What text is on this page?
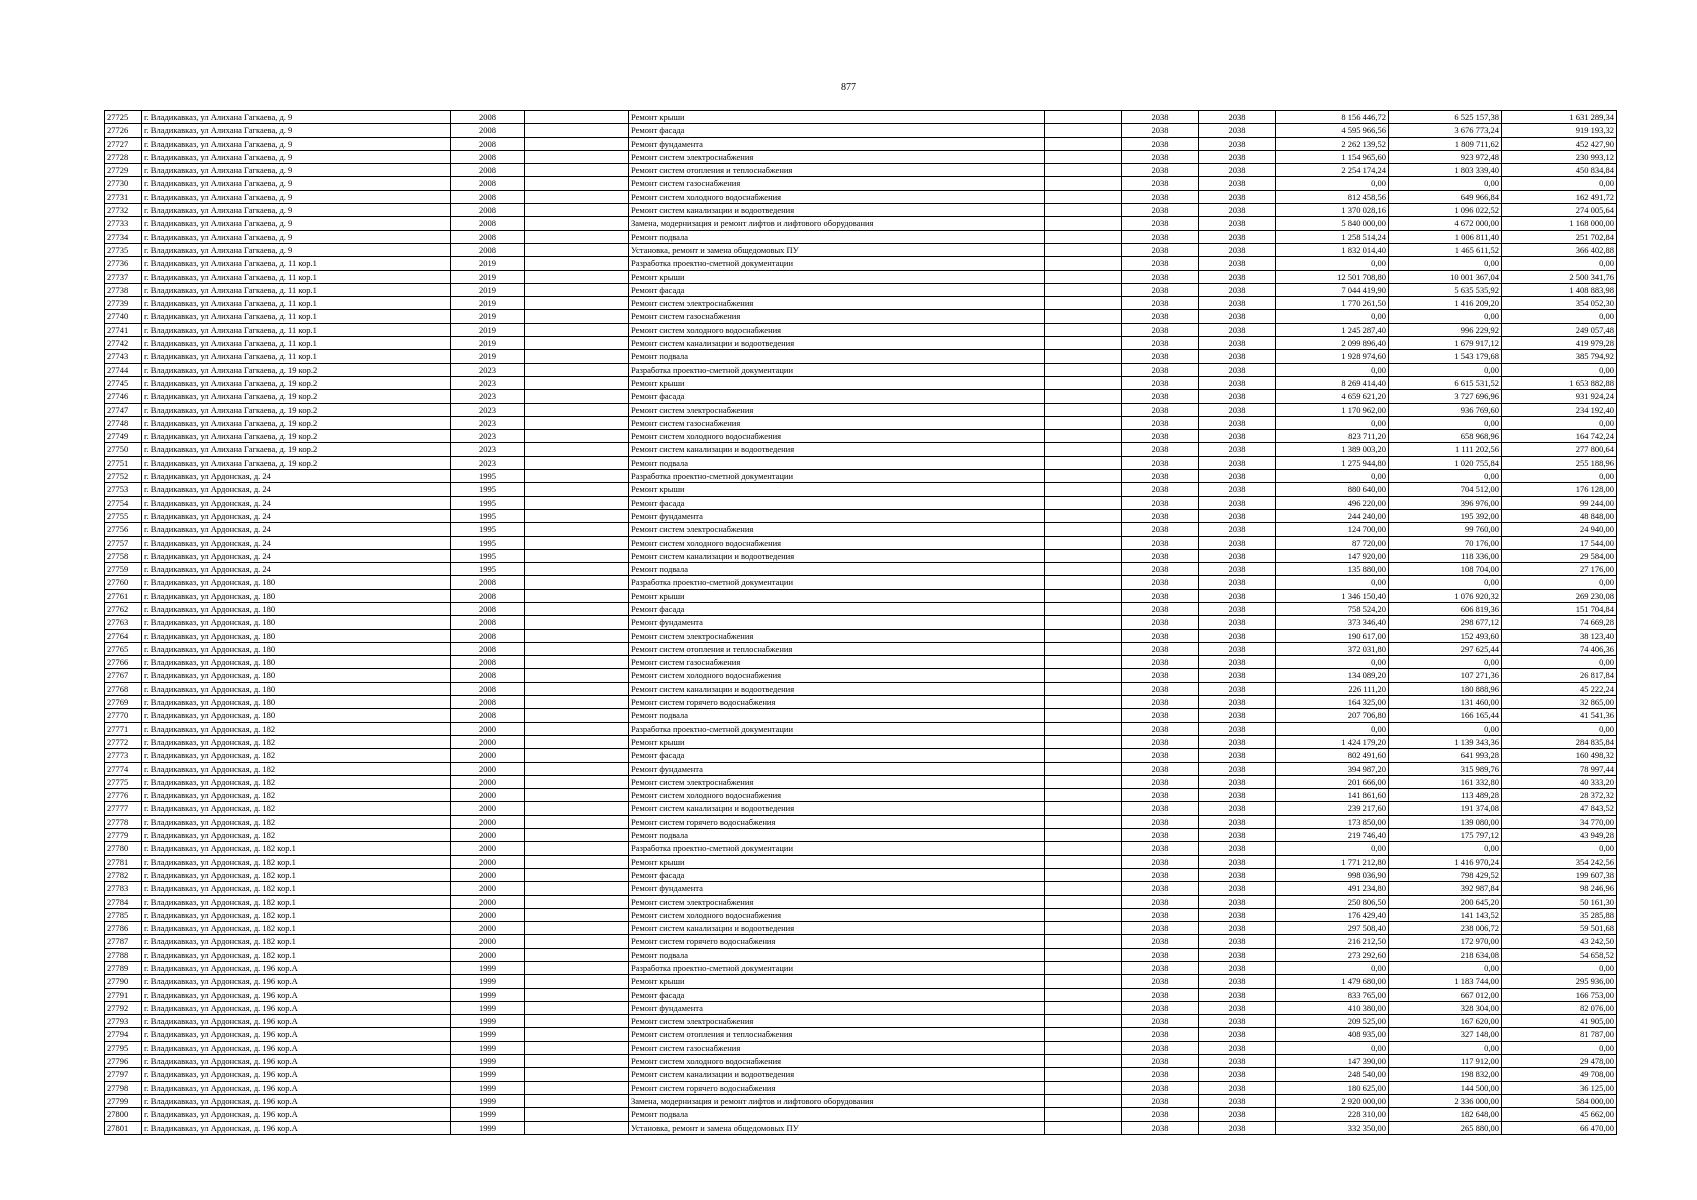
877
27725	г. Владикавказ, ул Алихана Гагкаева, д. 9	2008		Ремонт крыши		2038	2038	8 156 446,72	6 525 157,38	1 631 289,34
27726	г. Владикавказ, ул Алихана Гагкаева, д. 9	2008		Ремонт фасада		2038	2038	4 595 966,56	3 676 773,24	919 193,32
27727	г. Владикавказ, ул Алихана Гагкаева, д. 9	2008		Ремонт фундамента		2038	2038	2 262 139,52	1 809 711,62	452 427,90
27728	г. Владикавказ, ул Алихана Гагкаева, д. 9	2008		Ремонт систем электроснабжения		2038	2038	1 154 965,60	923 972,48	230 993,12
27729	г. Владикавказ, ул Алихана Гагкаева, д. 9	2008		Ремонт систем отопления и теплоснабжения		2038	2038	2 254 174,24	1 803 339,40	450 834,84
27730	г. Владикавказ, ул Алихана Гагкаева, д. 9	2008		Ремонт систем газоснабжения		2038	2038	0,00	0,00	0,00
27731	г. Владикавказ, ул Алихана Гагкаева, д. 9	2008		Ремонт систем холодного водоснабжения		2038	2038	812 458,56	649 966,84	162 491,72
27732	г. Владикавказ, ул Алихана Гагкаева, д. 9	2008		Ремонт систем канализации и водоотведения		2038	2038	1 370 028,16	1 096 022,52	274 005,64
27733	г. Владикавказ, ул Алихана Гагкаева, д. 9	2008		Замена, модернизация и ремонт лифтов и лифтового оборудования		2038	2038	5 840 000,00	4 672 000,00	1 168 000,00
27734	г. Владикавказ, ул Алихана Гагкаева, д. 9	2008		Ремонт подвала		2038	2038	1 258 514,24	1 006 811,40	251 702,84
27735	г. Владикавказ, ул Алихана Гагкаева, д. 9	2008		Установка, ремонт и замена общедомовых ПУ		2038	2038	1 832 014,40	1 465 611,52	366 402,88
27736	г. Владикавказ, ул Алихана Гагкаева, д. 11 кор.1	2019		Разработка проектно-сметной документации		2038	2038	0,00	0,00	0,00
27737	г. Владикавказ, ул Алихана Гагкаева, д. 11 кор.1	2019		Ремонт крыши		2038	2038	12 501 708,80	10 001 367,04	2 500 341,76
27738	г. Владикавказ, ул Алихана Гагкаева, д. 11 кор.1	2019		Ремонт фасада		2038	2038	7 044 419,90	5 635 535,92	1 408 883,98
27739	г. Владикавказ, ул Алихана Гагкаева, д. 11 кор.1	2019		Ремонт систем электроснабжения		2038	2038	1 770 261,50	1 416 209,20	354 052,30
27740	г. Владикавказ, ул Алихана Гагкаева, д. 11 кор.1	2019		Ремонт систем газоснабжения		2038	2038	0,00	0,00	0,00
27741	г. Владикавказ, ул Алихана Гагкаева, д. 11 кор.1	2019		Ремонт систем холодного водоснабжения		2038	2038	1 245 287,40	996 229,92	249 057,48
27742	г. Владикавказ, ул Алихана Гагкаева, д. 11 кор.1	2019		Ремонт систем канализации и водоотведения		2038	2038	2 099 896,40	1 679 917,12	419 979,28
27743	г. Владикавказ, ул Алихана Гагкаева, д. 11 кор.1	2019		Ремонт подвала		2038	2038	1 928 974,60	1 543 179,68	385 794,92
27744	г. Владикавказ, ул Алихана Гагкаева, д. 19 кор.2	2023		Разработка проектно-сметной документации		2038	2038	0,00	0,00	0,00
27745	г. Владикавказ, ул Алихана Гагкаева, д. 19 кор.2	2023		Ремонт крыши		2038	2038	8 269 414,40	6 615 531,52	1 653 882,88
27746	г. Владикавказ, ул Алихана Гагкаева, д. 19 кор.2	2023		Ремонт фасада		2038	2038	4 659 621,20	3 727 696,96	931 924,24
27747	г. Владикавказ, ул Алихана Гагкаева, д. 19 кор.2	2023		Ремонт систем электроснабжения		2038	2038	1 170 962,00	936 769,60	234 192,40
27748	г. Владикавказ, ул Алихана Гагкаева, д. 19 кор.2	2023		Ремонт систем газоснабжения		2038	2038	0,00	0,00	0,00
27749	г. Владикавказ, ул Алихана Гагкаева, д. 19 кор.2	2023		Ремонт систем холодного водоснабжения		2038	2038	823 711,20	658 968,96	164 742,24
27750	г. Владикавказ, ул Алихана Гагкаева, д. 19 кор.2	2023		Ремонт систем канализации и водоотведения		2038	2038	1 389 003,20	1 111 202,56	277 800,64
27751	г. Владикавказ, ул Алихана Гагкаева, д. 19 кор.2	2023		Ремонт подвала		2038	2038	1 275 944,80	1 020 755,84	255 188,96
27752	г. Владикавказ, ул Ардонская, д. 24	1995		Разработка проектно-сметной документации		2038	2038	0,00	0,00	0,00
27753	г. Владикавказ, ул Ардонская, д. 24	1995		Ремонт крыши		2038	2038	880 640,00	704 512,00	176 128,00
27754	г. Владикавказ, ул Ардонская, д. 24	1995		Ремонт фасада		2038	2038	496 220,00	396 976,00	99 244,00
27755	г. Владикавказ, ул Ардонская, д. 24	1995		Ремонт фундамента		2038	2038	244 240,00	195 392,00	48 848,00
27756	г. Владикавказ, ул Ардонская, д. 24	1995		Ремонт систем электроснабжения		2038	2038	124 700,00	99 760,00	24 940,00
27757	г. Владикавказ, ул Ардонская, д. 24	1995		Ремонт систем холодного водоснабжения		2038	2038	87 720,00	70 176,00	17 544,00
27758	г. Владикавказ, ул Ардонская, д. 24	1995		Ремонт систем канализации и водоотведения		2038	2038	147 920,00	118 336,00	29 584,00
27759	г. Владикавказ, ул Ардонская, д. 24	1995		Ремонт подвала		2038	2038	135 880,00	108 704,00	27 176,00
27760	г. Владикавказ, ул Ардонская, д. 180	2008		Разработка проектно-сметной документации		2038	2038	0,00	0,00	0,00
27761	г. Владикавказ, ул Ардонская, д. 180	2008		Ремонт крыши		2038	2038	1 346 150,40	1 076 920,32	269 230,08
27762	г. Владикавказ, ул Ардонская, д. 180	2008		Ремонт фасада		2038	2038	758 524,20	606 819,36	151 704,84
27763	г. Владикавказ, ул Ардонская, д. 180	2008		Ремонт фундамента		2038	2038	373 346,40	298 677,12	74 669,28
27764	г. Владикавказ, ул Ардонская, д. 180	2008		Ремонт систем электроснабжения		2038	2038	190 617,00	152 493,60	38 123,40
27765	г. Владикавказ, ул Ардонская, д. 180	2008		Ремонт систем отопления и теплоснабжения		2038	2038	372 031,80	297 625,44	74 406,36
27766	г. Владикавказ, ул Ардонская, д. 180	2008		Ремонт систем газоснабжения		2038	2038	0,00	0,00	0,00
27767	г. Владикавказ, ул Ардонская, д. 180	2008		Ремонт систем холодного водоснабжения		2038	2038	134 089,20	107 271,36	26 817,84
27768	г. Владикавказ, ул Ардонская, д. 180	2008		Ремонт систем канализации и водоотведения		2038	2038	226 111,20	180 888,96	45 222,24
27769	г. Владикавказ, ул Ардонская, д. 180	2008		Ремонт систем горячего водоснабжения		2038	2038	164 325,00	131 460,00	32 865,00
27770	г. Владикавказ, ул Ардонская, д. 180	2008		Ремонт подвала		2038	2038	207 706,80	166 165,44	41 541,36
27771	г. Владикавказ, ул Ардонская, д. 182	2000		Разработка проектно-сметной документации		2038	2038	0,00	0,00	0,00
27772	г. Владикавказ, ул Ардонская, д. 182	2000		Ремонт крыши		2038	2038	1 424 179,20	1 139 343,36	284 835,84
27773	г. Владикавказ, ул Ардонская, д. 182	2000		Ремонт фасада		2038	2038	802 491,60	641 993,28	160 498,32
27774	г. Владикавказ, ул Ардонская, д. 182	2000		Ремонт фундамента		2038	2038	394 987,20	315 989,76	78 997,44
27775	г. Владикавказ, ул Ардонская, д. 182	2000		Ремонт систем электроснабжения		2038	2038	201 666,00	161 332,80	40 333,20
27776	г. Владикавказ, ул Ардонская, д. 182	2000		Ремонт систем холодного водоснабжения		2038	2038	141 861,60	113 489,28	28 372,32
27777	г. Владикавказ, ул Ардонская, д. 182	2000		Ремонт систем канализации и водоотведения		2038	2038	239 217,60	191 374,08	47 843,52
27778	г. Владикавказ, ул Ардонская, д. 182	2000		Ремонт систем горячего водоснабжения		2038	2038	173 850,00	139 080,00	34 770,00
27779	г. Владикавказ, ул Ардонская, д. 182	2000		Ремонт подвала		2038	2038	219 746,40	175 797,12	43 949,28
27780	г. Владикавказ, ул Ардонская, д. 182 кор.1	2000		Разработка проектно-сметной документации		2038	2038	0,00	0,00	0,00
27781	г. Владикавказ, ул Ардонская, д. 182 кор.1	2000		Ремонт крыши		2038	2038	1 771 212,80	1 416 970,24	354 242,56
27782	г. Владикавказ, ул Ардонская, д. 182 кор.1	2000		Ремонт фасада		2038	2038	998 036,90	798 429,52	199 607,38
27783	г. Владикавказ, ул Ардонская, д. 182 кор.1	2000		Ремонт фундамента		2038	2038	491 234,80	392 987,84	98 246,96
27784	г. Владикавказ, ул Ардонская, д. 182 кор.1	2000		Ремонт систем электроснабжения		2038	2038	250 806,50	200 645,20	50 161,30
27785	г. Владикавказ, ул Ардонская, д. 182 кор.1	2000		Ремонт систем холодного водоснабжения		2038	2038	176 429,40	141 143,52	35 285,88
27786	г. Владикавказ, ул Ардонская, д. 182 кор.1	2000		Ремонт систем канализации и водоотведения		2038	2038	297 508,40	238 006,72	59 501,68
27787	г. Владикавказ, ул Ардонская, д. 182 кор.1	2000		Ремонт систем горячего водоснабжения		2038	2038	216 212,50	172 970,00	43 242,50
27788	г. Владикавказ, ул Ардонская, д. 182 кор.1	2000		Ремонт подвала		2038	2038	273 292,60	218 634,08	54 658,52
27789	г. Владикавказ, ул Ардонская, д. 196 кор.А	1999		Разработка проектно-сметной документации		2038	2038	0,00	0,00	0,00
27790	г. Владикавказ, ул Ардонская, д. 196 кор.А	1999		Ремонт крыши		2038	2038	1 479 680,00	1 183 744,00	295 936,00
27791	г. Владикавказ, ул Ардонская, д. 196 кор.А	1999		Ремонт фасада		2038	2038	833 765,00	667 012,00	166 753,00
27792	г. Владикавказ, ул Ардонская, д. 196 кор.А	1999		Ремонт фундамента		2038	2038	410 380,00	328 304,00	82 076,00
27793	г. Владикавказ, ул Ардонская, д. 196 кор.А	1999		Ремонт систем электроснабжения		2038	2038	209 525,00	167 620,00	41 905,00
27794	г. Владикавказ, ул Ардонская, д. 196 кор.А	1999		Ремонт систем отопления и теплоснабжения		2038	2038	408 935,00	327 148,00	81 787,00
27795	г. Владикавказ, ул Ардонская, д. 196 кор.А	1999		Ремонт систем газоснабжения		2038	2038	0,00	0,00	0,00
27796	г. Владикавказ, ул Ардонская, д. 196 кор.А	1999		Ремонт систем холодного водоснабжения		2038	2038	147 390,00	117 912,00	29 478,00
27797	г. Владикавказ, ул Ардонская, д. 196 кор.А	1999		Ремонт систем канализации и водоотведения		2038	2038	248 540,00	198 832,00	49 708,00
27798	г. Владикавказ, ул Ардонская, д. 196 кор.А	1999		Ремонт систем горячего водоснабжения		2038	2038	180 625,00	144 500,00	36 125,00
27799	г. Владикавказ, ул Ардонская, д. 196 кор.А	1999		Замена, модернизация и ремонт лифтов и лифтового оборудования		2038	2038	2 920 000,00	2 336 000,00	584 000,00
27800	г. Владикавказ, ул Ардонская, д. 196 кор.А	1999		Ремонт подвала		2038	2038	228 310,00	182 648,00	45 662,00
27801	г. Владикавказ, ул Ардонская, д. 196 кор.А	1999		Установка, ремонт и замена общедомовых ПУ		2038	2038	332 350,00	265 880,00	66 470,00
